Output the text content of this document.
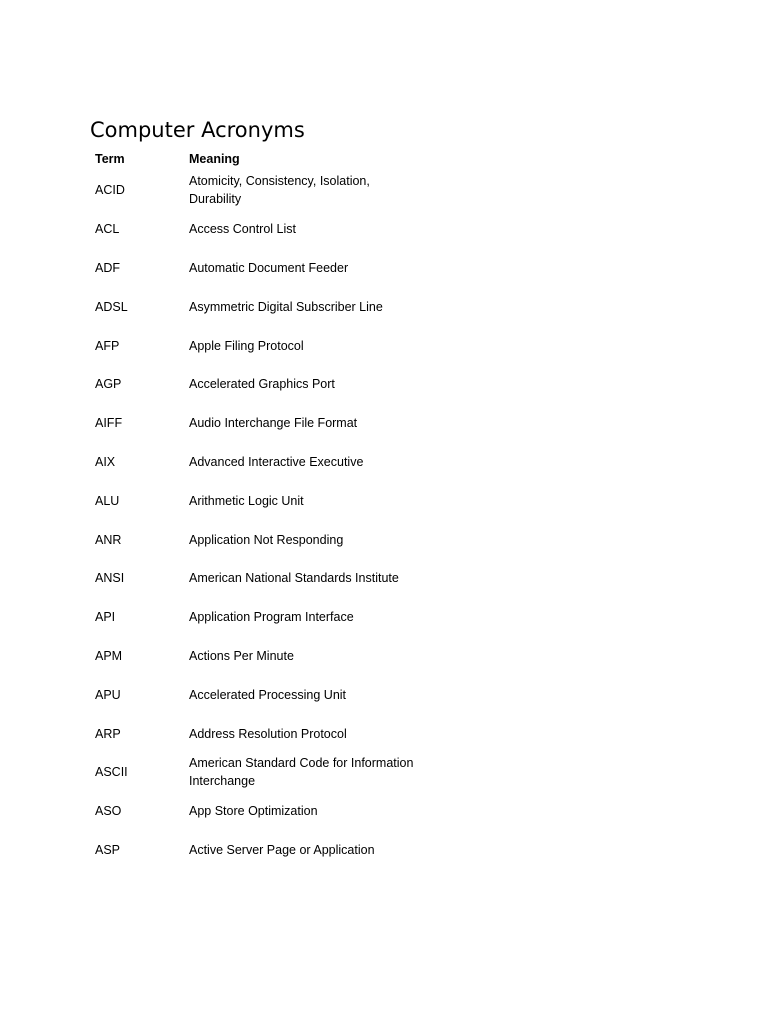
Computer Acronyms
Term	Meaning
ACID	Atomicity, Consistency, Isolation, Durability
ACL	Access Control List
ADF	Automatic Document Feeder
ADSL	Asymmetric Digital Subscriber Line
AFP	Apple Filing Protocol
AGP	Accelerated Graphics Port
AIFF	Audio Interchange File Format
AIX	Advanced Interactive Executive
ALU	Arithmetic Logic Unit
ANR	Application Not Responding
ANSI	American National Standards Institute
API	Application Program Interface
APM	Actions Per Minute
APU	Accelerated Processing Unit
ARP	Address Resolution Protocol
ASCII	American Standard Code for Information Interchange
ASO	App Store Optimization
ASP	Active Server Page or Application
